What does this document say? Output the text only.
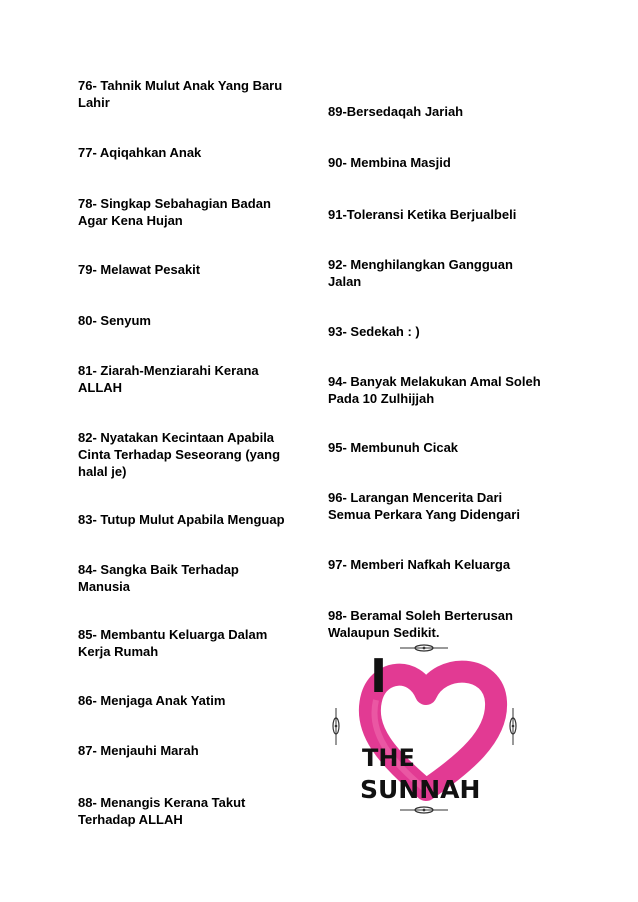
76- Tahnik Mulut Anak Yang Baru
Lahir

77- Aqiqahkan Anak

78- Singkap Sebahagian Badan
Agar Kena Hujan

79- Melawat Pesakit

80- Senyum

81- Ziarah-Menziarahi Kerana
ALLAH

82- Nyatakan Kecintaan Apabila
Cinta Terhadap Seseorang (yang
halal je)

83- Tutup Mulut Apabila Menguap

84- Sangka Baik Terhadap
Manusia

85- Membantu Keluarga Dalam
Kerja Rumah

86- Menjaga Anak Yatim

87- Menjauhi Marah

88- Menangis Kerana Takut
Terhadap ALLAH

89-Bersedaqah Jariah

90- Membina Masjid

91-Toleransi Ketika Berjualbeli

92- Menghilangkan Gangguan
Jalan

93- Sedekah : )

94- Banyak Melakukan Amal Soleh
Pada 10 Zulhijjah

95- Membunuh Cicak

96- Larangan Mencerita Dari
Semua Perkara Yang Didengari

97- Memberi Nafkah Keluarga

98- Beramal Soleh Berterusan
Walaupun Sedikit.

I
THE
SUNNAH
